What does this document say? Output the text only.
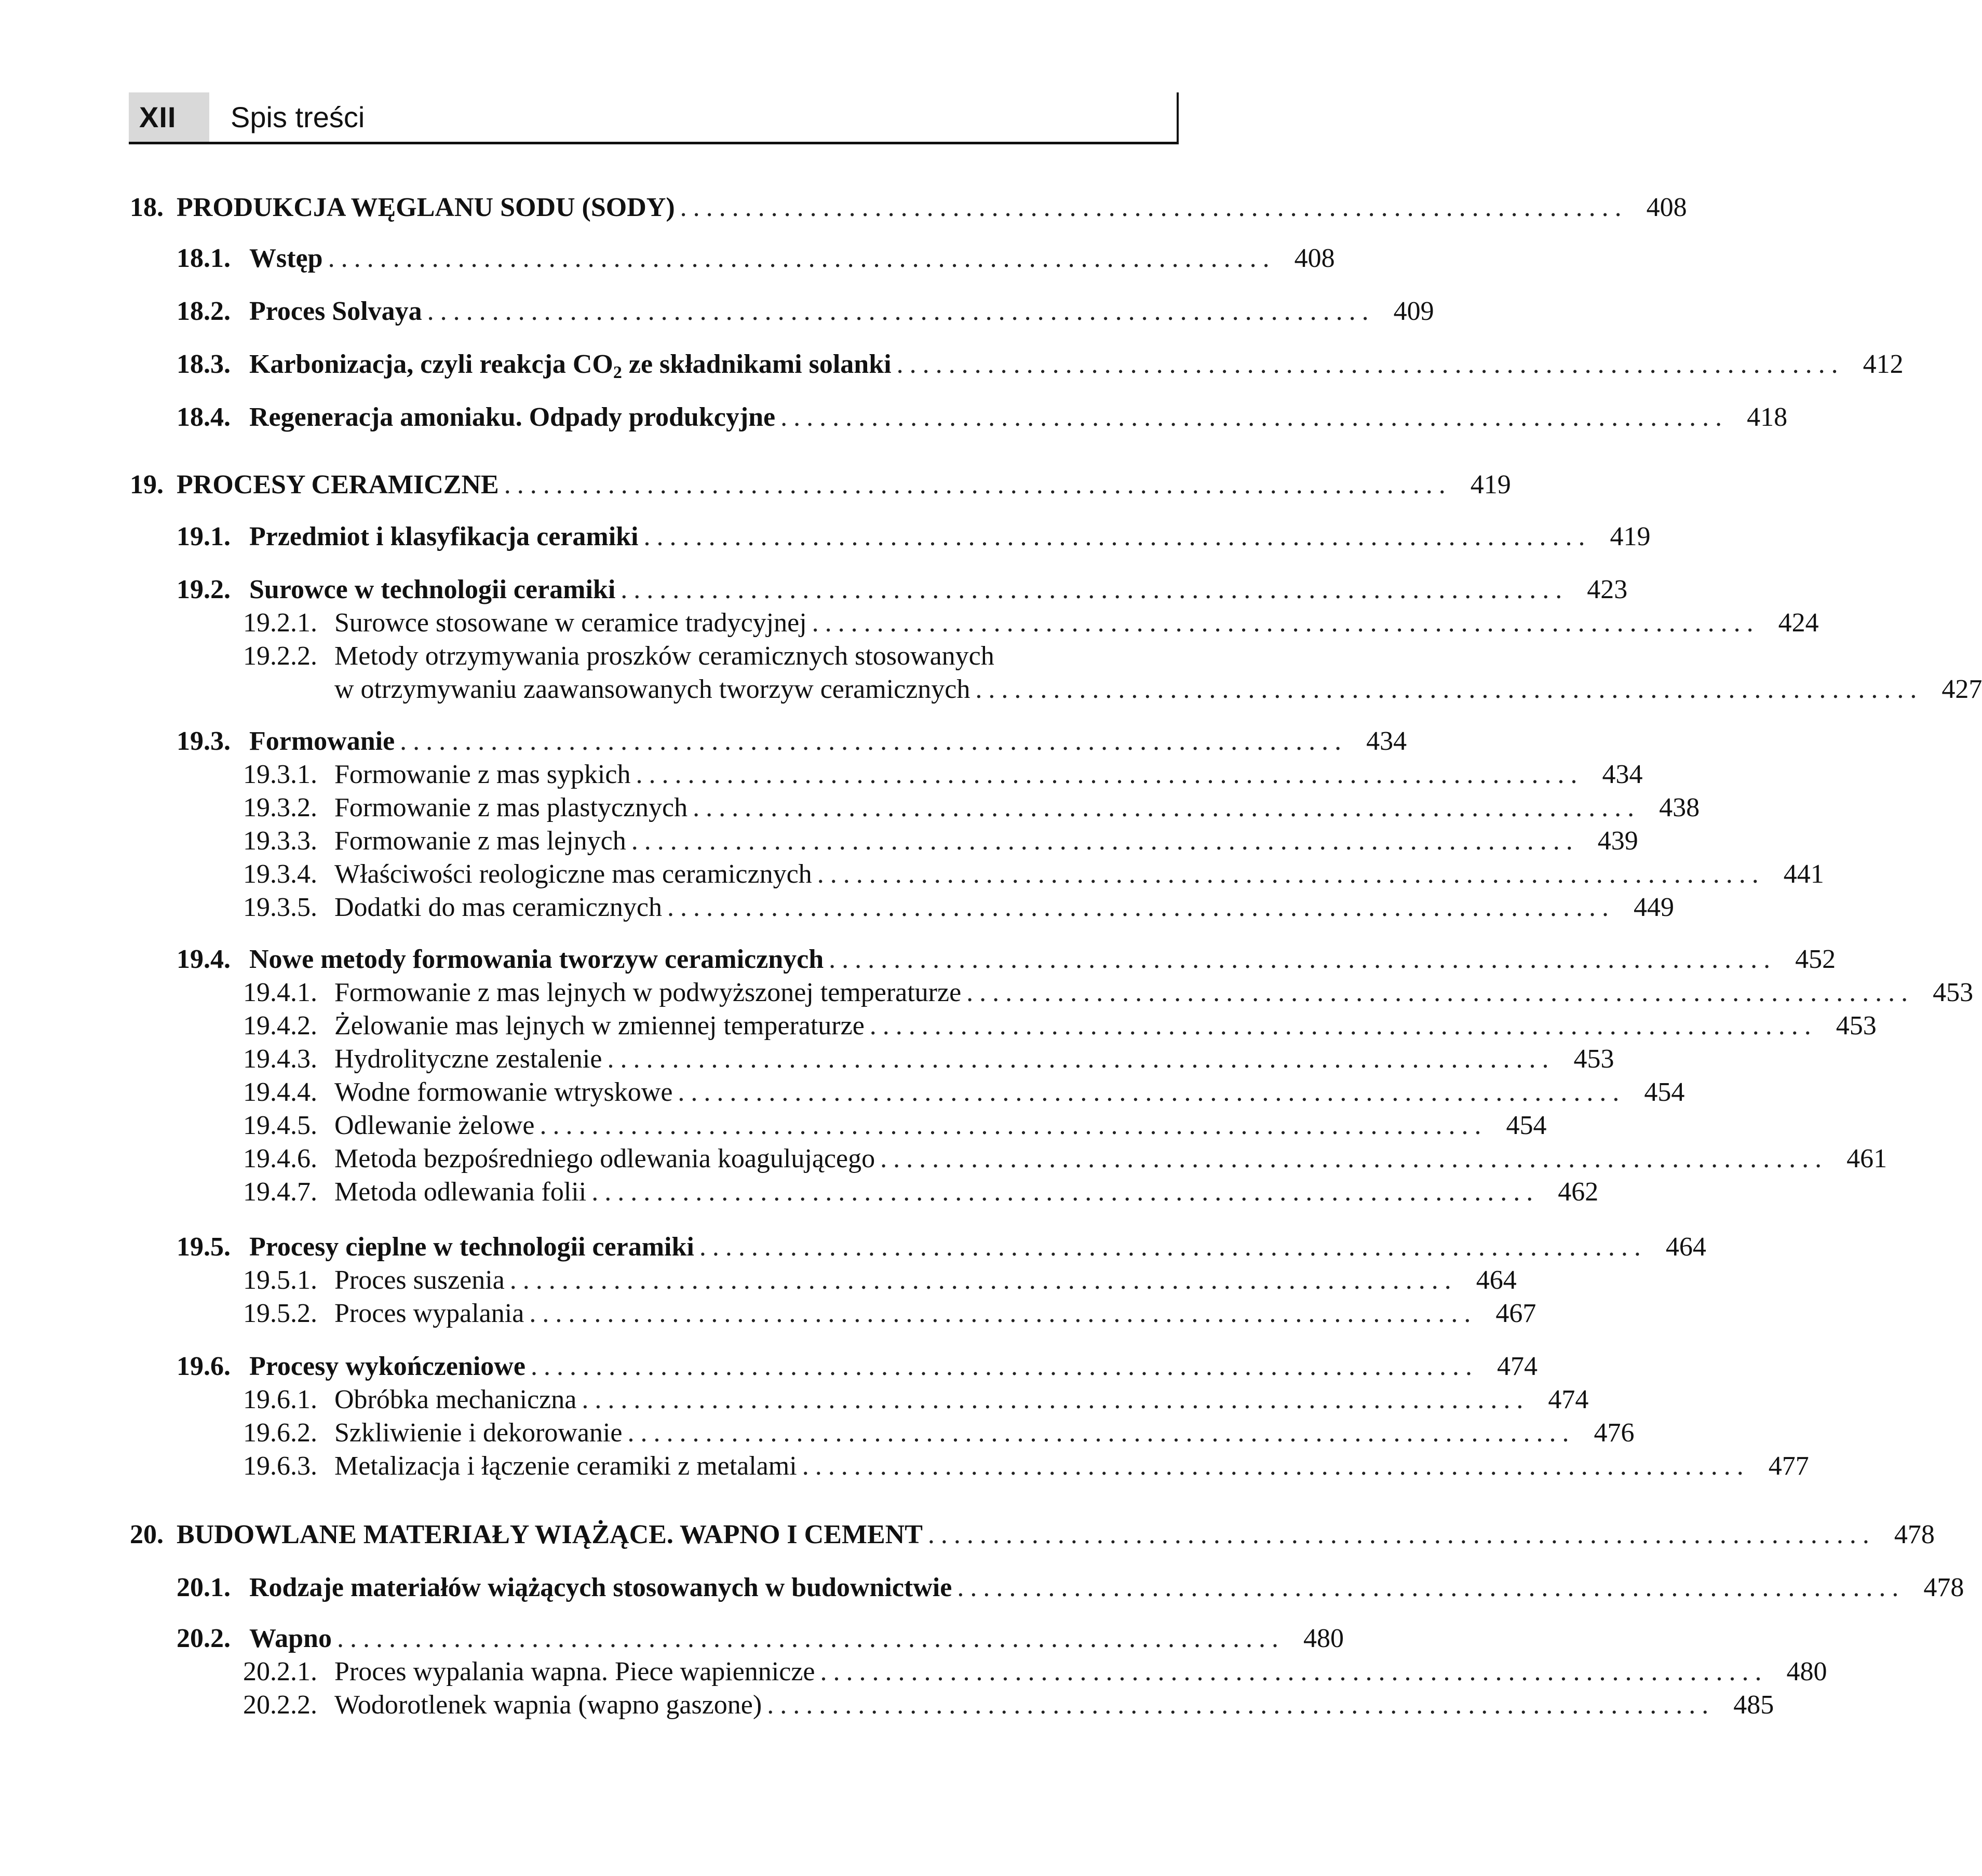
XII Spis treści
18. PRODUKCJA WĘGLANU SODU (SODY) ......................................................................... 408
18.1. Wstęp ......................................................................... 408
18.2. Proces Solvaya ......................................................................... 409
18.3. Karbonizacja, czyli reakcja $CO_2$ ze składnikami solanki ......................................................................... 412
18.4. Regeneracja amoniaku. Odpady produkcyjne ......................................................................... 418
19. PROCESY CERAMICZNE ......................................................................... 419
19.1. Przedmiot i klasyfikacja ceramiki ......................................................................... 419
19.2. Surowce w technologii ceramiki ......................................................................... 423
19.2.1. Surowce stosowane w ceramice tradycyjnej ......................................................................... 424
19.2.2. Metody otrzymywania proszków ceramicznych stosowanych
w otrzymywaniu zaawansowanych tworzyw ceramicznych ......................................................................... 427
19.3. Formowanie ......................................................................... 434
19.3.1. Formowanie z mas sypkich ......................................................................... 434
19.3.2. Formowanie z mas plastycznych ......................................................................... 438
19.3.3. Formowanie z mas lejnych ......................................................................... 439
19.3.4. Właściwości reologiczne mas ceramicznych ......................................................................... 441
19.3.5. Dodatki do mas ceramicznych ......................................................................... 449
19.4. Nowe metody formowania tworzyw ceramicznych ......................................................................... 452
19.4.1. Formowanie z mas lejnych w podwyższonej temperaturze ......................................................................... 453
19.4.2. Żelowanie mas lejnych w zmiennej temperaturze ......................................................................... 453
19.4.3. Hydrolityczne zestalenie ......................................................................... 453
19.4.4. Wodne formowanie wtryskowe ......................................................................... 454
19.4.5. Odlewanie żelowe ......................................................................... 454
19.4.6. Metoda bezpośredniego odlewania koagulującego ......................................................................... 461
19.4.7. Metoda odlewania folii ......................................................................... 462
19.5. Procesy cieplne w technologii ceramiki ......................................................................... 464
19.5.1. Proces suszenia ......................................................................... 464
19.5.2. Proces wypalania ......................................................................... 467
19.6. Procesy wykończeniowe ......................................................................... 474
19.6.1. Obróbka mechaniczna ......................................................................... 474
19.6.2. Szkliwienie i dekorowanie ......................................................................... 476
19.6.3. Metalizacja i łączenie ceramiki z metalami ......................................................................... 477
20. BUDOWLANE MATERIAŁY WIĄŻĄCE. WAPNO I CEMENT ......................................................................... 478
20.1. Rodzaje materiałów wiążących stosowanych w budownictwie ......................................................................... 478
20.2. Wapno ......................................................................... 480
20.2.1. Proces wypalania wapna. Piece wapiennicze ......................................................................... 480
20.2.2. Wodorotlenek wapnia (wapno gaszone) ......................................................................... 485
